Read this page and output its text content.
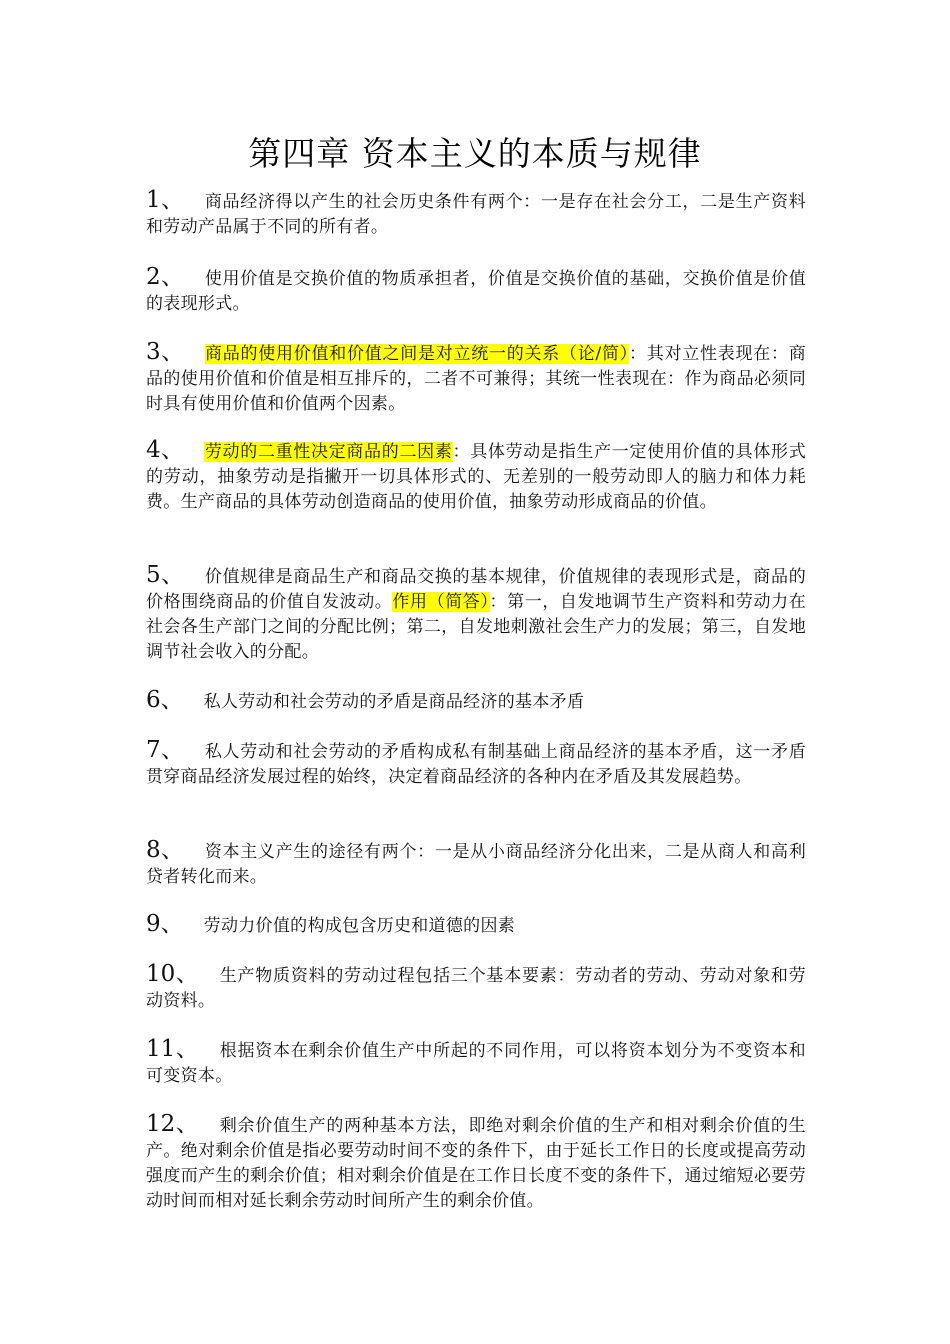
第四章 资本主义的本质与规律

1、 商品经济得以产生的社会历史条件有两个：一是存在社会分工，二是生产资料和劳动产品属于不同的所有者。

2、 使用价值是交换价值的物质承担者，价值是交换价值的基础，交换价值是价值的表现形式。

3、 商品的使用价值和价值之间是对立统一的关系（论/简）：其对立性表现在：商品的使用价值和价值是相互排斥的，二者不可兼得；其统一性表现在：作为商品必须同时具有使用价值和价值两个因素。

4、 劳动的二重性决定商品的二因素：具体劳动是指生产一定使用价值的具体形式的劳动，抽象劳动是指撇开一切具体形式的、无差别的一般劳动即人的脑力和体力耗费。生产商品的具体劳动创造商品的使用价值，抽象劳动形成商品的价值。

5、 价值规律是商品生产和商品交换的基本规律，价值规律的表现形式是，商品的价格围绕商品的价值自发波动。作用（简答）：第一，自发地调节生产资料和劳动力在社会各生产部门之间的分配比例；第二，自发地刺激社会生产力的发展；第三，自发地调节社会收入的分配。

6、 私人劳动和社会劳动的矛盾是商品经济的基本矛盾

7、 私人劳动和社会劳动的矛盾构成私有制基础上商品经济的基本矛盾，这一矛盾贯穿商品经济发展过程的始终，决定着商品经济的各种内在矛盾及其发展趋势。

8、 资本主义产生的途径有两个：一是从小商品经济分化出来，二是从商人和高利贷者转化而来。

9、 劳动力价值的构成包含历史和道德的因素

10、 生产物质资料的劳动过程包括三个基本要素：劳动者的劳动、劳动对象和劳动资料。

11、 根据资本在剩余价值生产中所起的不同作用，可以将资本划分为不变资本和可变资本。

12、 剩余价值生产的两种基本方法，即绝对剩余价值的生产和相对剩余价值的生产。绝对剩余价值是指必要劳动时间不变的条件下，由于延长工作日的长度或提高劳动强度而产生的剩余价值；相对剩余价值是在工作日长度不变的条件下，通过缩短必要劳动时间而相对延长剩余劳动时间所产生的剩余价值。
